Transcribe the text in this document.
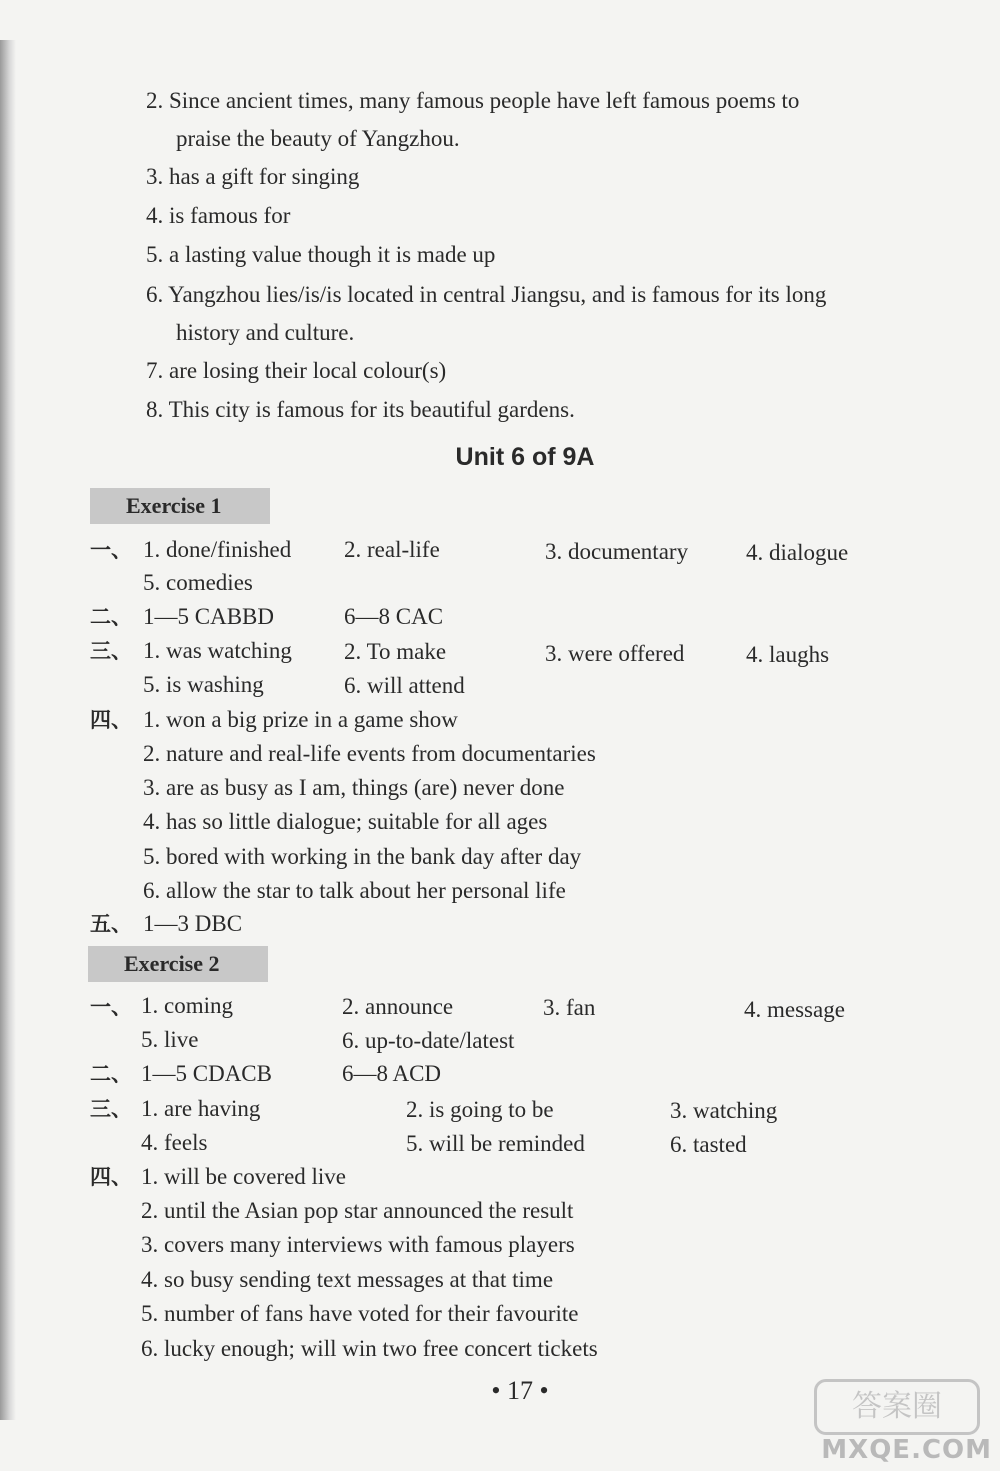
2. Since ancient times, many famous people have left famous poems to
praise the beauty of Yangzhou.
3. has a gift for singing
4. is famous for
5. a lasting value though it is made up
6. Yangzhou lies/is/is located in central Jiangsu, and is famous for its long
history and culture.
7. are losing their local colour(s)
8. This city is famous for its beautiful gardens.
Unit 6 of 9A
Exercise 1
一、 1. done/finished 2. real-life	3. documentary	4. dialogue
5. comedies
二、 1—5 CABBD	6—8 CAC
三、 1. was watching 2. To make	3. were offered	4. laughs
5. is washing	6. will attend
四、 1. won a big prize in a game show
2. nature and real-life events from documentaries
3. are as busy as I am, things (are) never done
4. has so little dialogue; suitable for all ages
5. bored with working in the bank day after day
6. allow the star to talk about her personal life
五、 1—3 DBC
Exercise 2
一、 1. coming	2. announce	3. fan	4. message
5. live	6. up-to-date/latest
二、 1—5 CDACB	6—8 ACD
三、 1. are having	2. is going to be	3. watching
4. feels	5. will be reminded	6. tasted
四、 1. will be covered live
2. until the Asian pop star announced the result
3. covers many interviews with famous players
4. so busy sending text messages at that time
5. number of fans have voted for their favourite
6. lucky enough; will win two free concert tickets
• 17 •	答案圈
MXQE.COM
